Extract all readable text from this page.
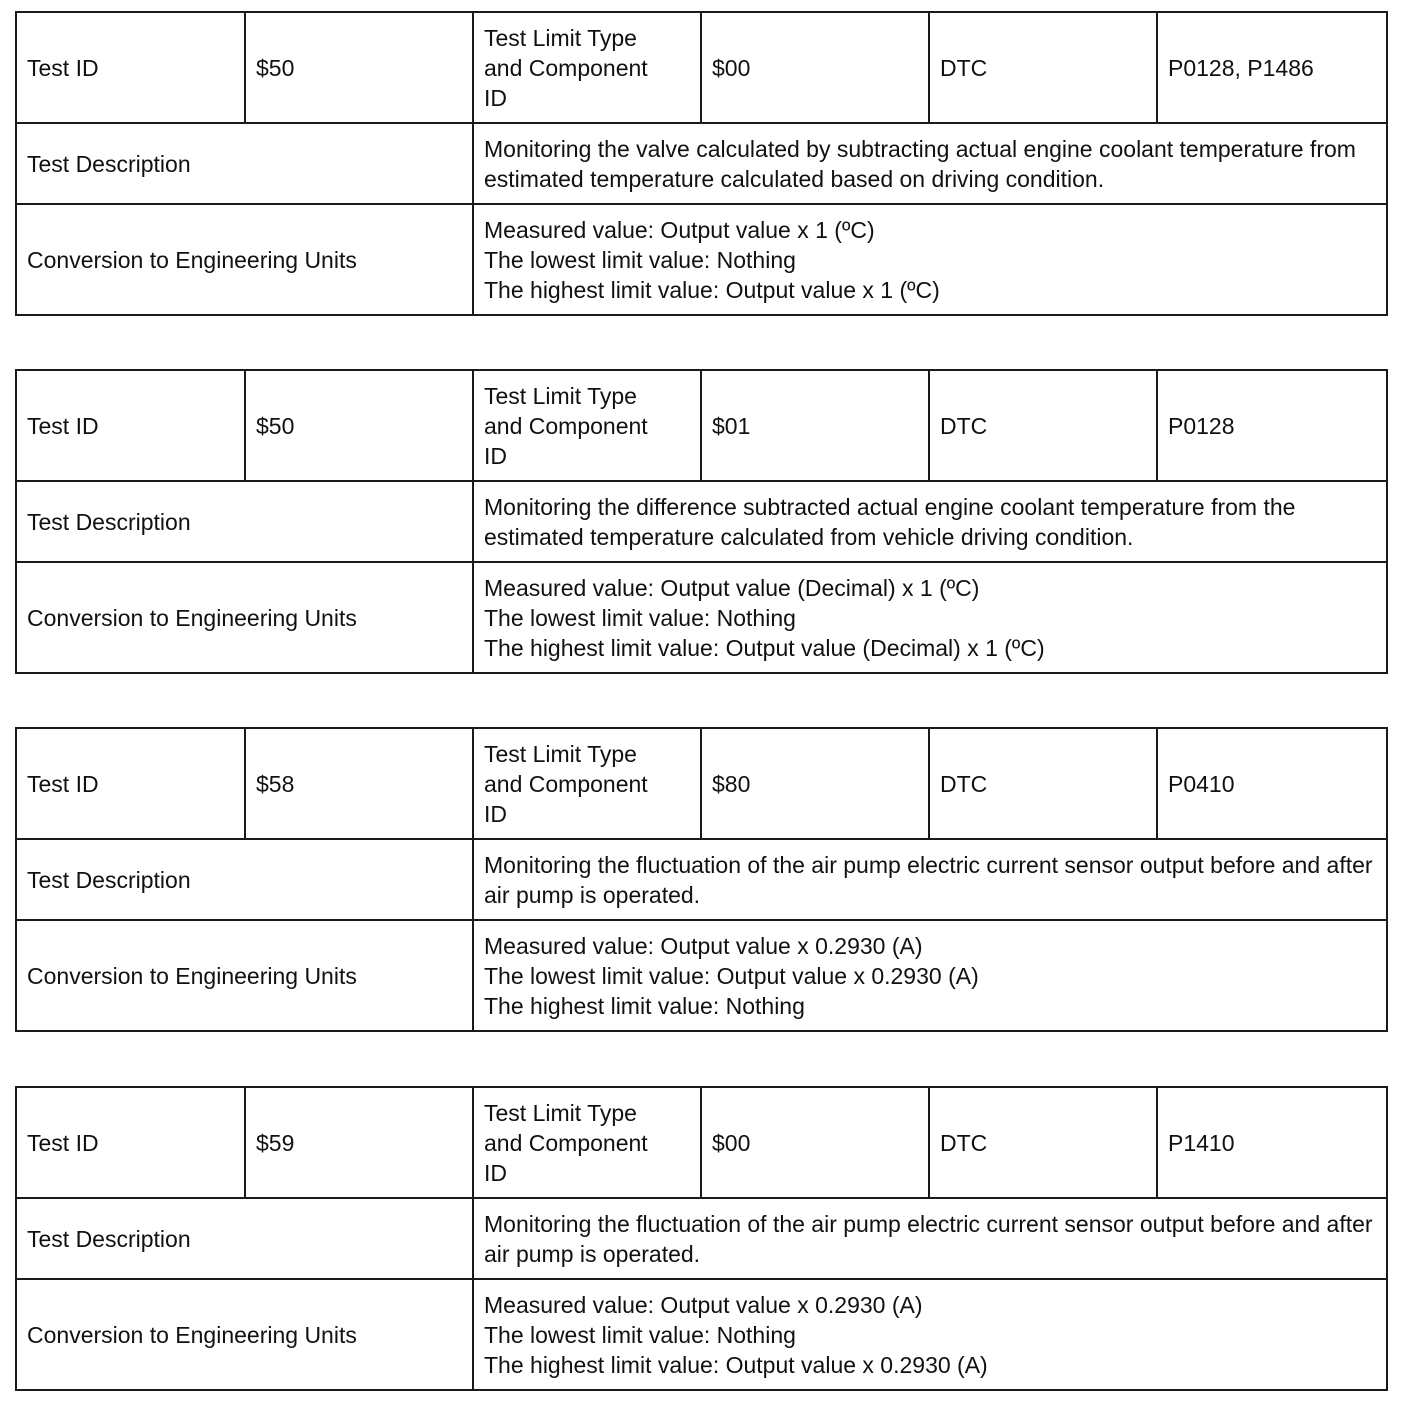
Test ID	$50	Test Limit Type
and Component
ID	$00	DTC	P0128, P1486
Test Description		Monitoring the valve calculated by subtracting actual engine coolant temperature from estimated temperature calculated based on driving condition.			
Conversion to Engineering Units		Measured value: Output value x 1 (ºC)
The lowest limit value: Nothing
The highest limit value: Output value x 1 (ºC)			
Test ID	$50	Test Limit Type
and Component
ID	$01	DTC	P0128
Test Description		Monitoring the difference subtracted actual engine coolant temperature from the estimated temperature calculated from vehicle driving condition.			
Conversion to Engineering Units		Measured value: Output value (Decimal) x 1 (ºC)
The lowest limit value: Nothing
The highest limit value: Output value (Decimal) x 1 (ºC)			
Test ID	$58	Test Limit Type
and Component
ID	$80	DTC	P0410
Test Description		Monitoring the fluctuation of the air pump electric current sensor output before and after air pump is operated.			
Conversion to Engineering Units		Measured value: Output value x 0.2930 (A)
The lowest limit value: Output value x 0.2930 (A)
The highest limit value: Nothing			
Test ID	$59	Test Limit Type
and Component
ID	$00	DTC	P1410
Test Description		Monitoring the fluctuation of the air pump electric current sensor output before and after air pump is operated.			
Conversion to Engineering Units		Measured value: Output value x 0.2930 (A)
The lowest limit value: Nothing
The highest limit value: Output value x 0.2930 (A)			
